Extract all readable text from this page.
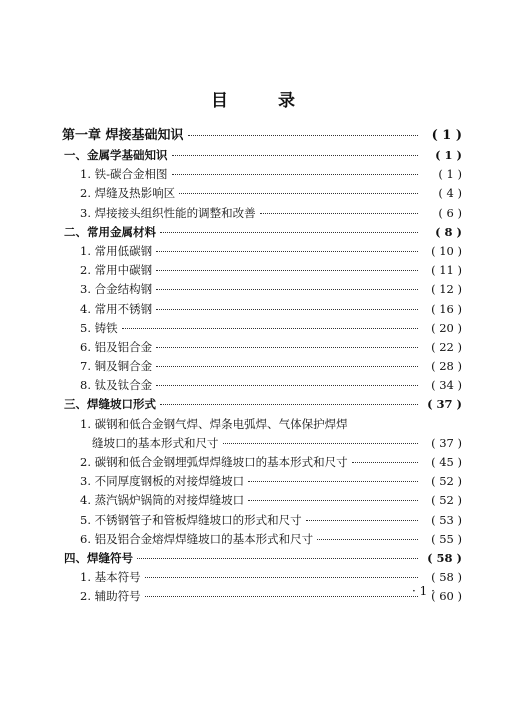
目 录
第一章 焊接基础知识	( 1 )
一、金属学基础知识	( 1 )
1. 铁-碳合金相图	( 1 )
2. 焊缝及热影响区	( 4 )
3. 焊接接头组织性能的调整和改善	( 6 )
二、常用金属材料	( 8 )
1. 常用低碳钢	( 10 )
2. 常用中碳钢	( 11 )
3. 合金结构钢	( 12 )
4. 常用不锈钢	( 16 )
5. 铸铁	( 20 )
6. 铝及铝合金	( 22 )
7. 铜及铜合金	( 28 )
8. 钛及钛合金	( 34 )
三、焊缝坡口形式	( 37 )
1. 碳钢和低合金钢气焊、焊条电弧焊、气体保护焊焊
缝坡口的基本形式和尺寸	( 37 )
2. 碳钢和低合金钢埋弧焊焊缝坡口的基本形式和尺寸	( 45 )
3. 不同厚度钢板的对接焊缝坡口	( 52 )
4. 蒸汽锅炉锅筒的对接焊缝坡口	( 52 )
5. 不锈钢管子和管板焊缝坡口的形式和尺寸	( 53 )
6. 铝及铝合金熔焊焊缝坡口的基本形式和尺寸	( 55 )
四、焊缝符号	( 58 )
1. 基本符号	( 58 )
2. 辅助符号	( 60 )
· 1 ·
